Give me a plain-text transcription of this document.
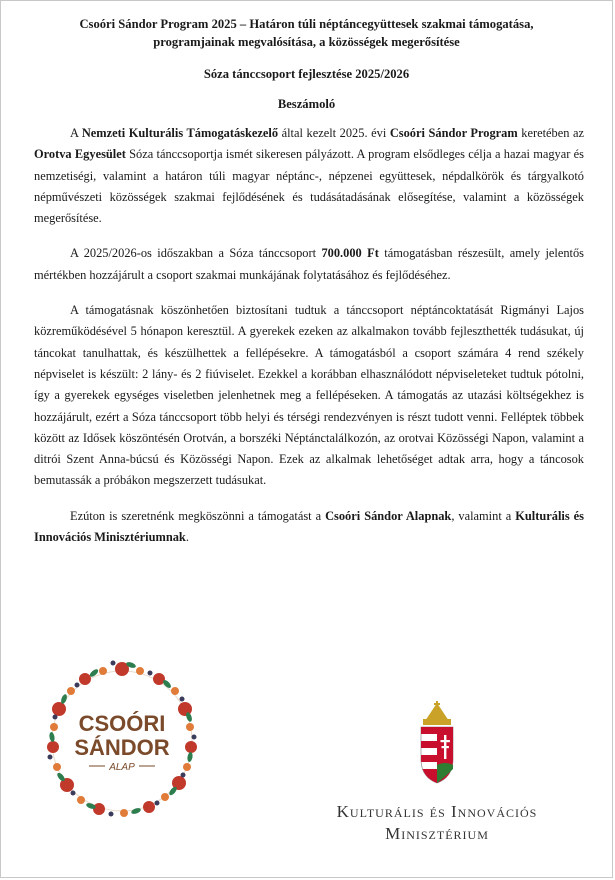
Csoóri Sándor Program 2025 – Határon túli néptáncegyüttesek szakmai támogatása,
programjainak megvalósítása, a közösségek megerősítése
Sóza tánccsoport fejlesztése 2025/2026
Beszámoló

A Nemzeti Kulturális Támogatáskezelő által kezelt 2025. évi Csoóri Sándor Program keretében az Orotva Egyesület Sóza tánccsoportja ismét sikeresen pályázott. A program elsődleges célja a hazai magyar és nemzetiségi, valamint a határon túli magyar néptánc-, népzenei együttesek, népdalkörök és tárgyalkotó népművészeti közösségek szakmai fejlődésének és tudásátadásának elősegítése, valamint a közösségek megerősítése.

A 2025/2026-os időszakban a Sóza tánccsoport 700.000 Ft támogatásban részesült, amely jelentős mértékben hozzájárult a csoport szakmai munkájának folytatásához és fejlődéséhez.

A támogatásnak köszönhetően biztosítani tudtuk a tánccsoport néptáncoktatását Rigmányi Lajos közreműködésével 5 hónapon keresztül. A gyerekek ezeken az alkalmakon tovább fejleszthették tudásukat, új táncokat tanulhattak, és készülhettek a fellépésekre. A támogatásból a csoport számára 4 rend székely népviselet is készült: 2 lány- és 2 fiúviselet. Ezekkel a korábban elhasználódott népviseleteket tudtuk pótolni, így a gyerekek egységes viseletben jelenhetnek meg a fellépéseken. A támogatás az utazási költségekhez is hozzájárult, ezért a Sóza tánccsoport több helyi és térségi rendezvényen is részt tudott venni. Felléptek többek között az Idősek köszöntésén Orotván, a borszéki Néptánctalálkozón, az orotvai Közösségi Napon, valamint a ditrói Szent Anna-búcsú és Közösségi Napon. Ezek az alkalmak lehetőséget adtak arra, hogy a táncosok bemutassák a próbákon megszerzett tudásukat.

Ezúton is szeretnénk megköszönni a támogatást a Csoóri Sándor Alapnak, valamint a Kulturális és Innovációs Minisztériumnak.

CSOÓRI
SÁNDOR
ALAP
Kulturális és Innovációs
Minisztérium
